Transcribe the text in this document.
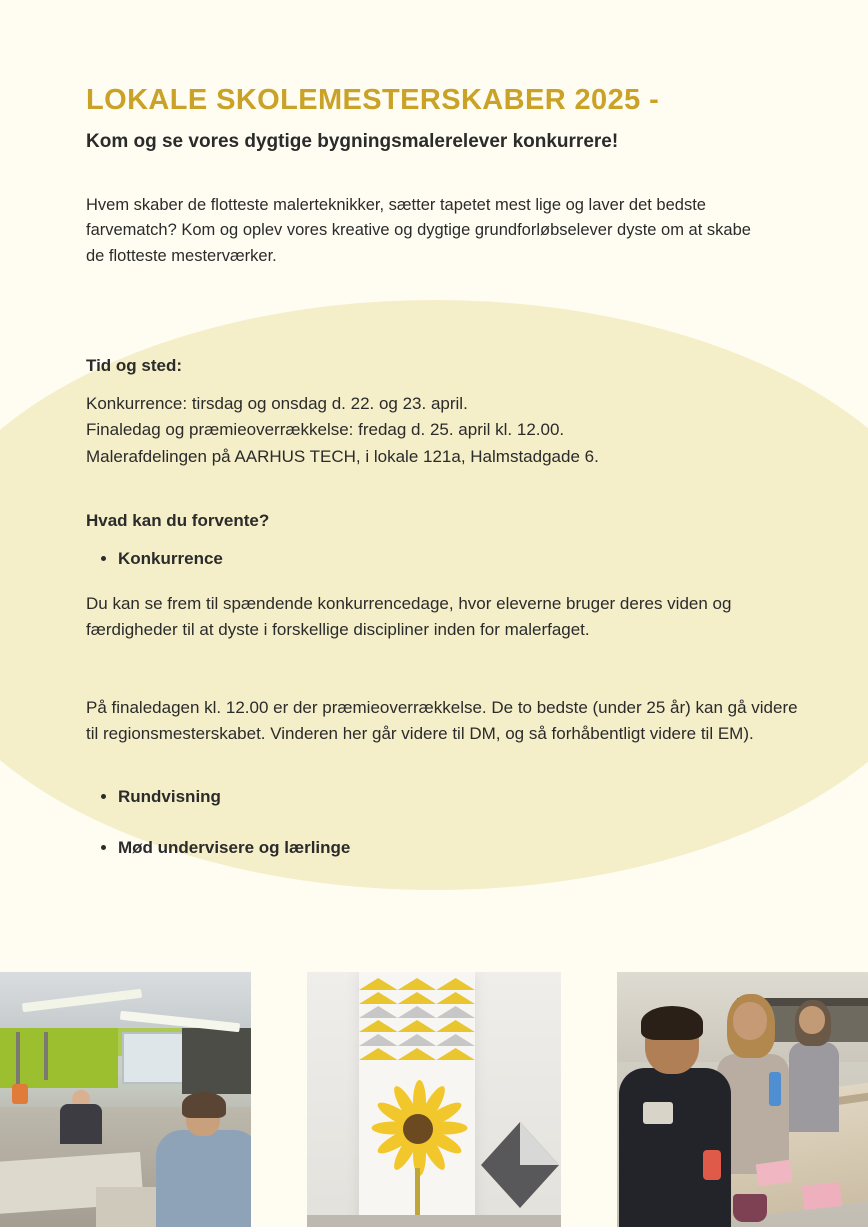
LOKALE SKOLEMESTERSKABER 2025 -
Kom og se vores dygtige bygningsmalerelever konkurrere!

Hvem skaber de flotteste malerteknikker, sætter tapetet mest lige og laver det bedste farvematch? Kom og oplev vores kreative og dygtige grundforløbselever dyste om at skabe de flotteste mesterværker.

Tid og sted:
Konkurrence: tirsdag og onsdag d. 22. og 23. april.
Finaledag og præmieoverrækkelse: fredag d. 25. april kl. 12.00.
Malerafdelingen på AARHUS TECH, i lokale 121a, Halmstadgade 6.
Hvad kan du forvente?
• Konkurrence

Du kan se frem til spændende konkurrencedage, hvor eleverne bruger deres viden og færdigheder til at dyste i forskellige discipliner inden for malerfaget.

På finaledagen kl. 12.00 er der præmieoverrækkelse. De to bedste (under 25 år) kan gå videre til regionsmesterskabet. Vinderen her går videre til DM, og så forhåbentligt videre til EM).

• Rundvisning
• Mød undervisere og lærlinge
